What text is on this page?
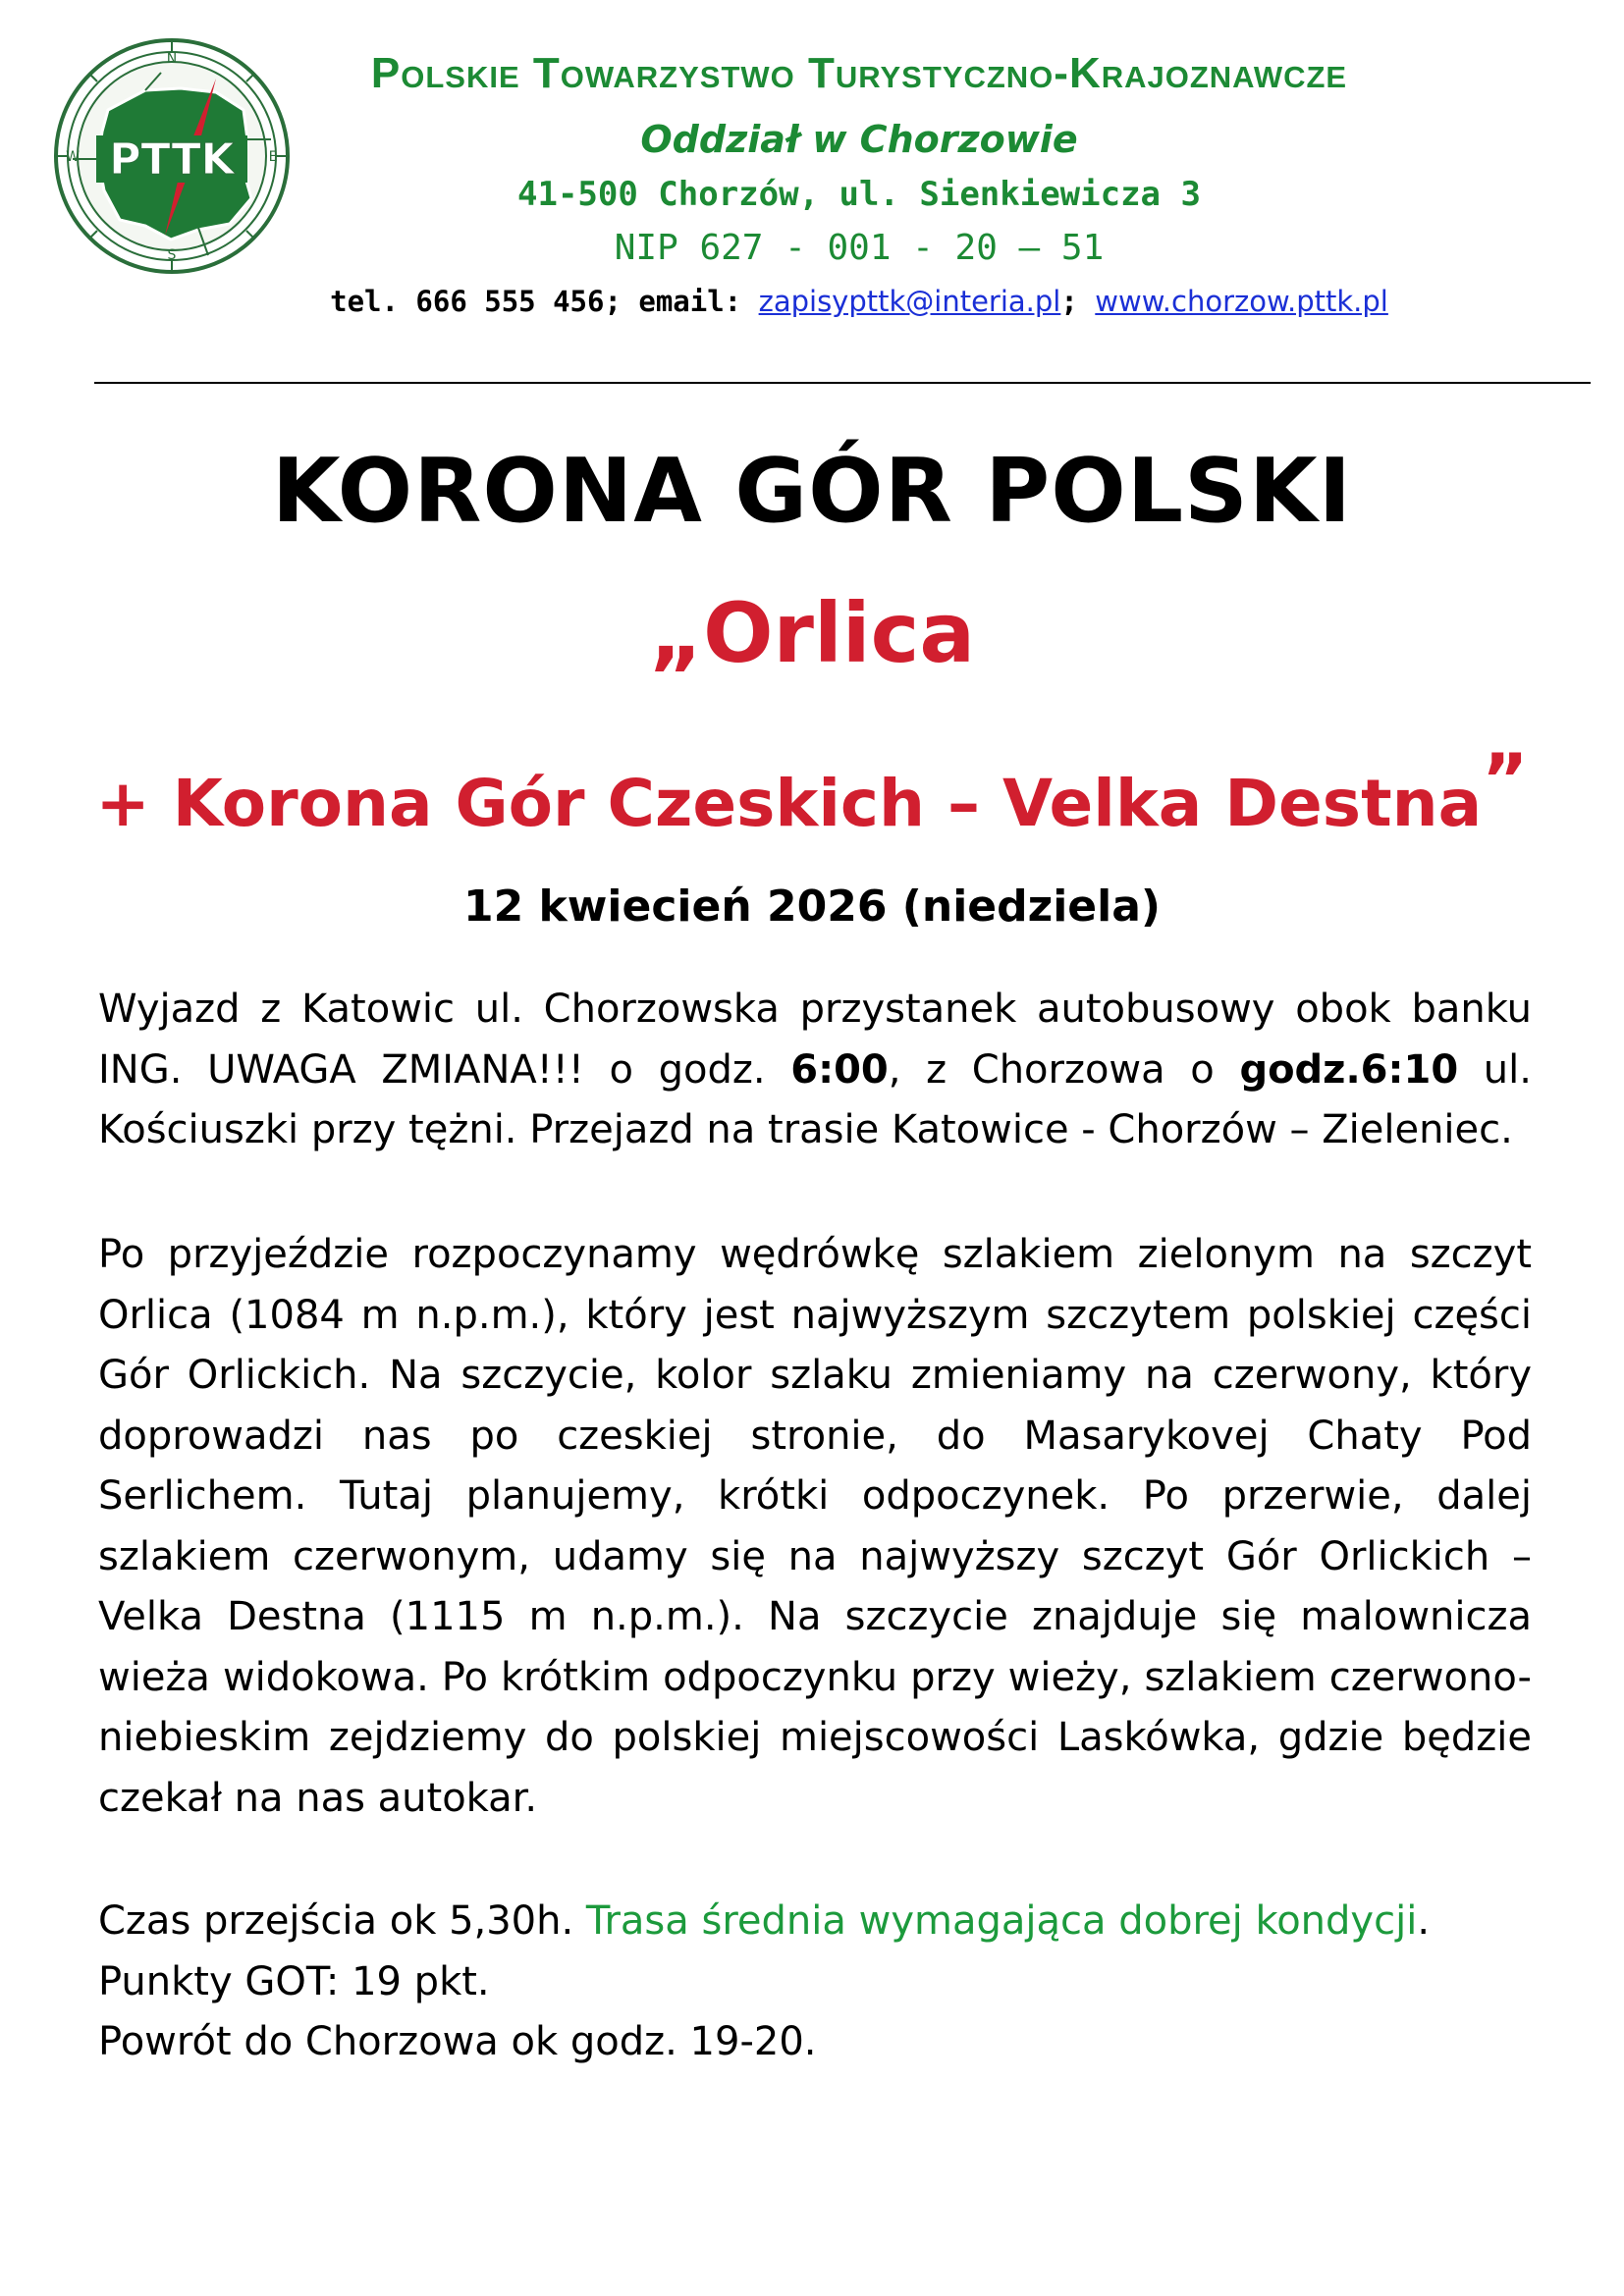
PTTK
N
E
S
W
Polskie Towarzystwo Turystyczno-Krajoznawcze
Oddział w Chorzowie
41-500 Chorzów, ul. Sienkiewicza 3
NIP 627 - 001 - 20 – 51
tel. 666 555 456; email: zapisypttk@interia.pl; www.chorzow.pttk.pl
KORONA GÓR POLSKI
„Orlica
+ Korona Gór Czeskich – Velka Destna”
12 kwiecień 2026 (niedziela)
Wyjazd z Katowic ul. Chorzowska przystanek autobusowy obok banku ING. UWAGA ZMIANA!!! o godz. 6:00, z Chorzowa o godz.6:10 ul. Kościuszki przy tężni. Przejazd na trasie Katowice - Chorzów – Zieleniec.
Po przyjeździe rozpoczynamy wędrówkę szlakiem zielonym na szczyt Orlica (1084 m n.p.m.), który jest najwyższym szczytem polskiej części Gór Orlickich. Na szczycie, kolor szlaku zmieniamy na czerwony, który doprowadzi nas po czeskiej stronie, do Masarykovej Chaty Pod Serlichem. Tutaj planujemy, krótki odpoczynek. Po przerwie, dalej szlakiem czerwonym, udamy się na najwyższy szczyt Gór Orlickich – Velka Destna (1115 m n.p.m.). Na szczycie znajduje się malownicza wieża widokowa. Po krótkim odpoczynku przy wieży, szlakiem czerwono-niebieskim zejdziemy do polskiej miejscowości Laskówka, gdzie będzie czekał na nas autokar.
Czas przejścia ok 5,30h. Trasa średnia wymagająca dobrej kondycji.
Punkty GOT: 19 pkt.
Powrót do Chorzowa ok godz. 19-20.
